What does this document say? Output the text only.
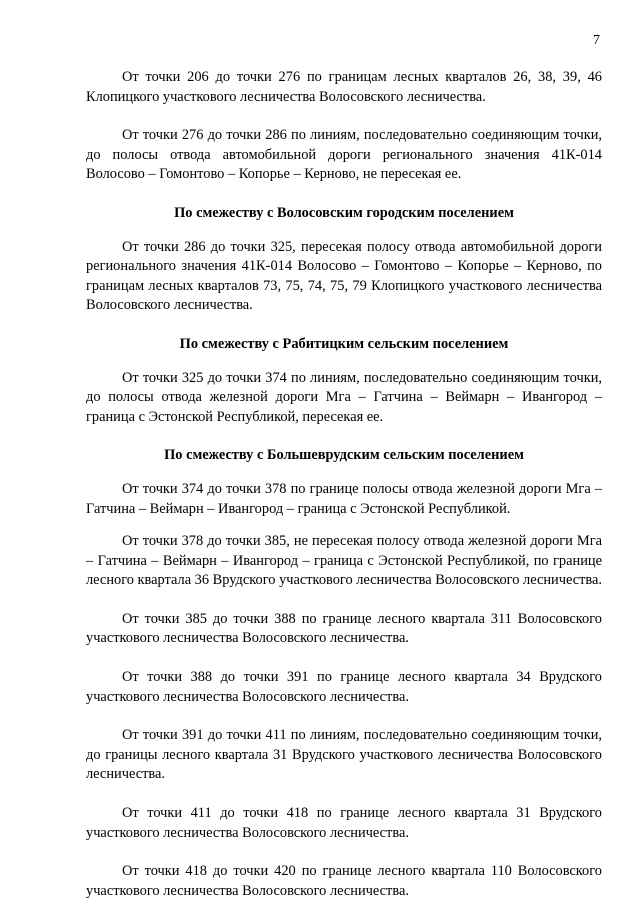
7

От точки 206 до точки 276 по границам лесных кварталов 26, 38, 39, 46 Клопицкого участкового лесничества Волосовского лесничества.

От точки 276 до точки 286 по линиям, последовательно соединяющим точки, до полосы отвода автомобильной дороги регионального значения 41К-014 Волосово – Гомонтово – Копорье – Керново, не пересекая ее.

По смежеству с Волосовским городским поселением

От точки 286 до точки 325, пересекая полосу отвода автомобильной дороги регионального значения 41К-014 Волосово – Гомонтово – Копорье – Керново, по границам лесных кварталов 73, 75, 74, 75, 79 Клопицкого участкового лесничества Волосовского лесничества.

По смежеству с Рабитицким сельским поселением

От точки 325 до точки 374 по линиям, последовательно соединяющим точки, до полосы отвода железной дороги Мга – Гатчина – Веймарн – Ивангород – граница с Эстонской Республикой, пересекая ее.

По смежеству с Большеврудским сельским поселением

От точки 374 до точки 378 по границе полосы отвода железной дороги Мга – Гатчина – Веймарн – Ивангород – граница с Эстонской Республикой.

От точки 378 до точки 385, не пересекая полосу отвода железной дороги Мга – Гатчина – Веймарн – Ивангород – граница с Эстонской Республикой, по границе лесного квартала 36 Врудского участкового лесничества Волосовского лесничества.

От точки 385 до точки 388 по границе лесного квартала 311 Волосовского участкового лесничества Волосовского лесничества.

От точки 388 до точки 391 по границе лесного квартала 34 Врудского участкового лесничества Волосовского лесничества.

От точки 391 до точки 411 по линиям, последовательно соединяющим точки, до границы лесного квартала 31 Врудского участкового лесничества Волосовского лесничества.

От точки 411 до точки 418 по границе лесного квартала 31 Врудского участкового лесничества Волосовского лесничества.

От точки 418 до точки 420 по границе лесного квартала 110 Волосовского участкового лесничества Волосовского лесничества.
